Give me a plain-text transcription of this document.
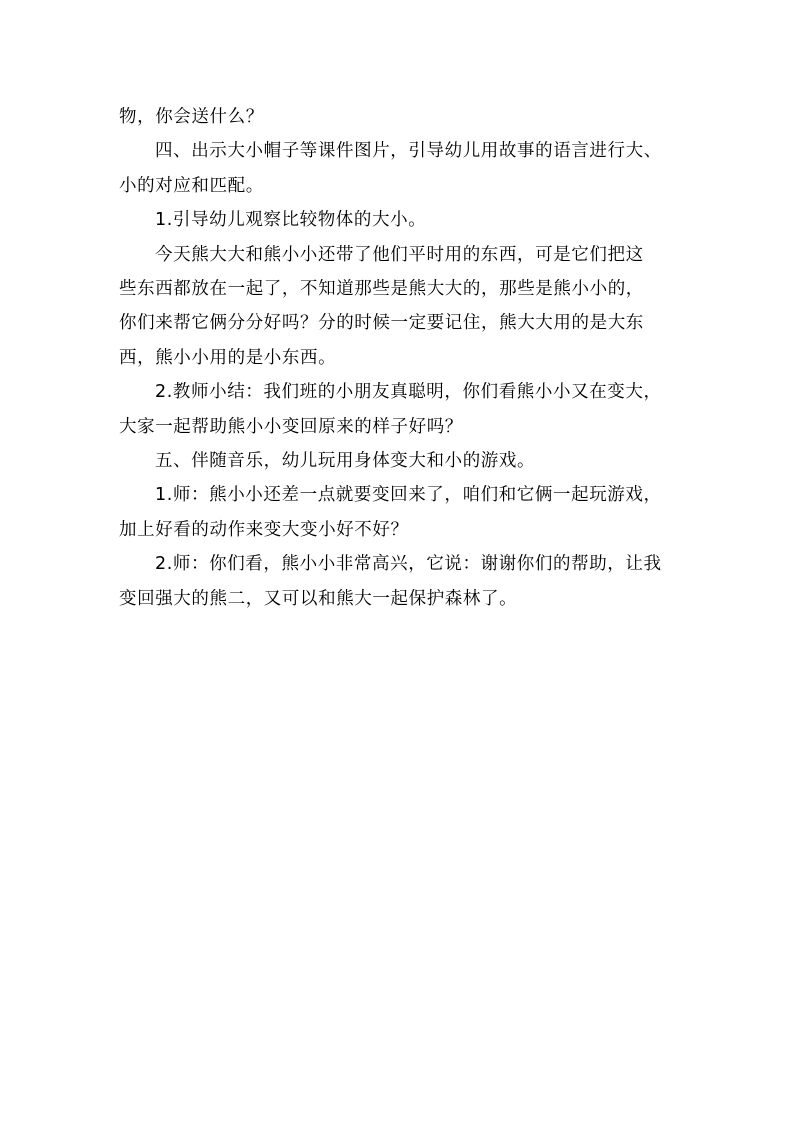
物，你会送什么？

四、出示大小帽子等课件图片，引导幼儿用故事的语言进行大、

小的对应和匹配。

1.引导幼儿观察比较物体的大小。

今天熊大大和熊小小还带了他们平时用的东西，可是它们把这

些东西都放在一起了，不知道那些是熊大大的，那些是熊小小的，

你们来帮它俩分分好吗？分的时候一定要记住，熊大大用的是大东

西，熊小小用的是小东西。

2.教师小结：我们班的小朋友真聪明，你们看熊小小又在变大，

大家一起帮助熊小小变回原来的样子好吗？

五、伴随音乐，幼儿玩用身体变大和小的游戏。

1.师：熊小小还差一点就要变回来了，咱们和它俩一起玩游戏，

加上好看的动作来变大变小好不好？

2.师：你们看，熊小小非常高兴，它说：谢谢你们的帮助，让我

变回强大的熊二，又可以和熊大一起保护森林了。
